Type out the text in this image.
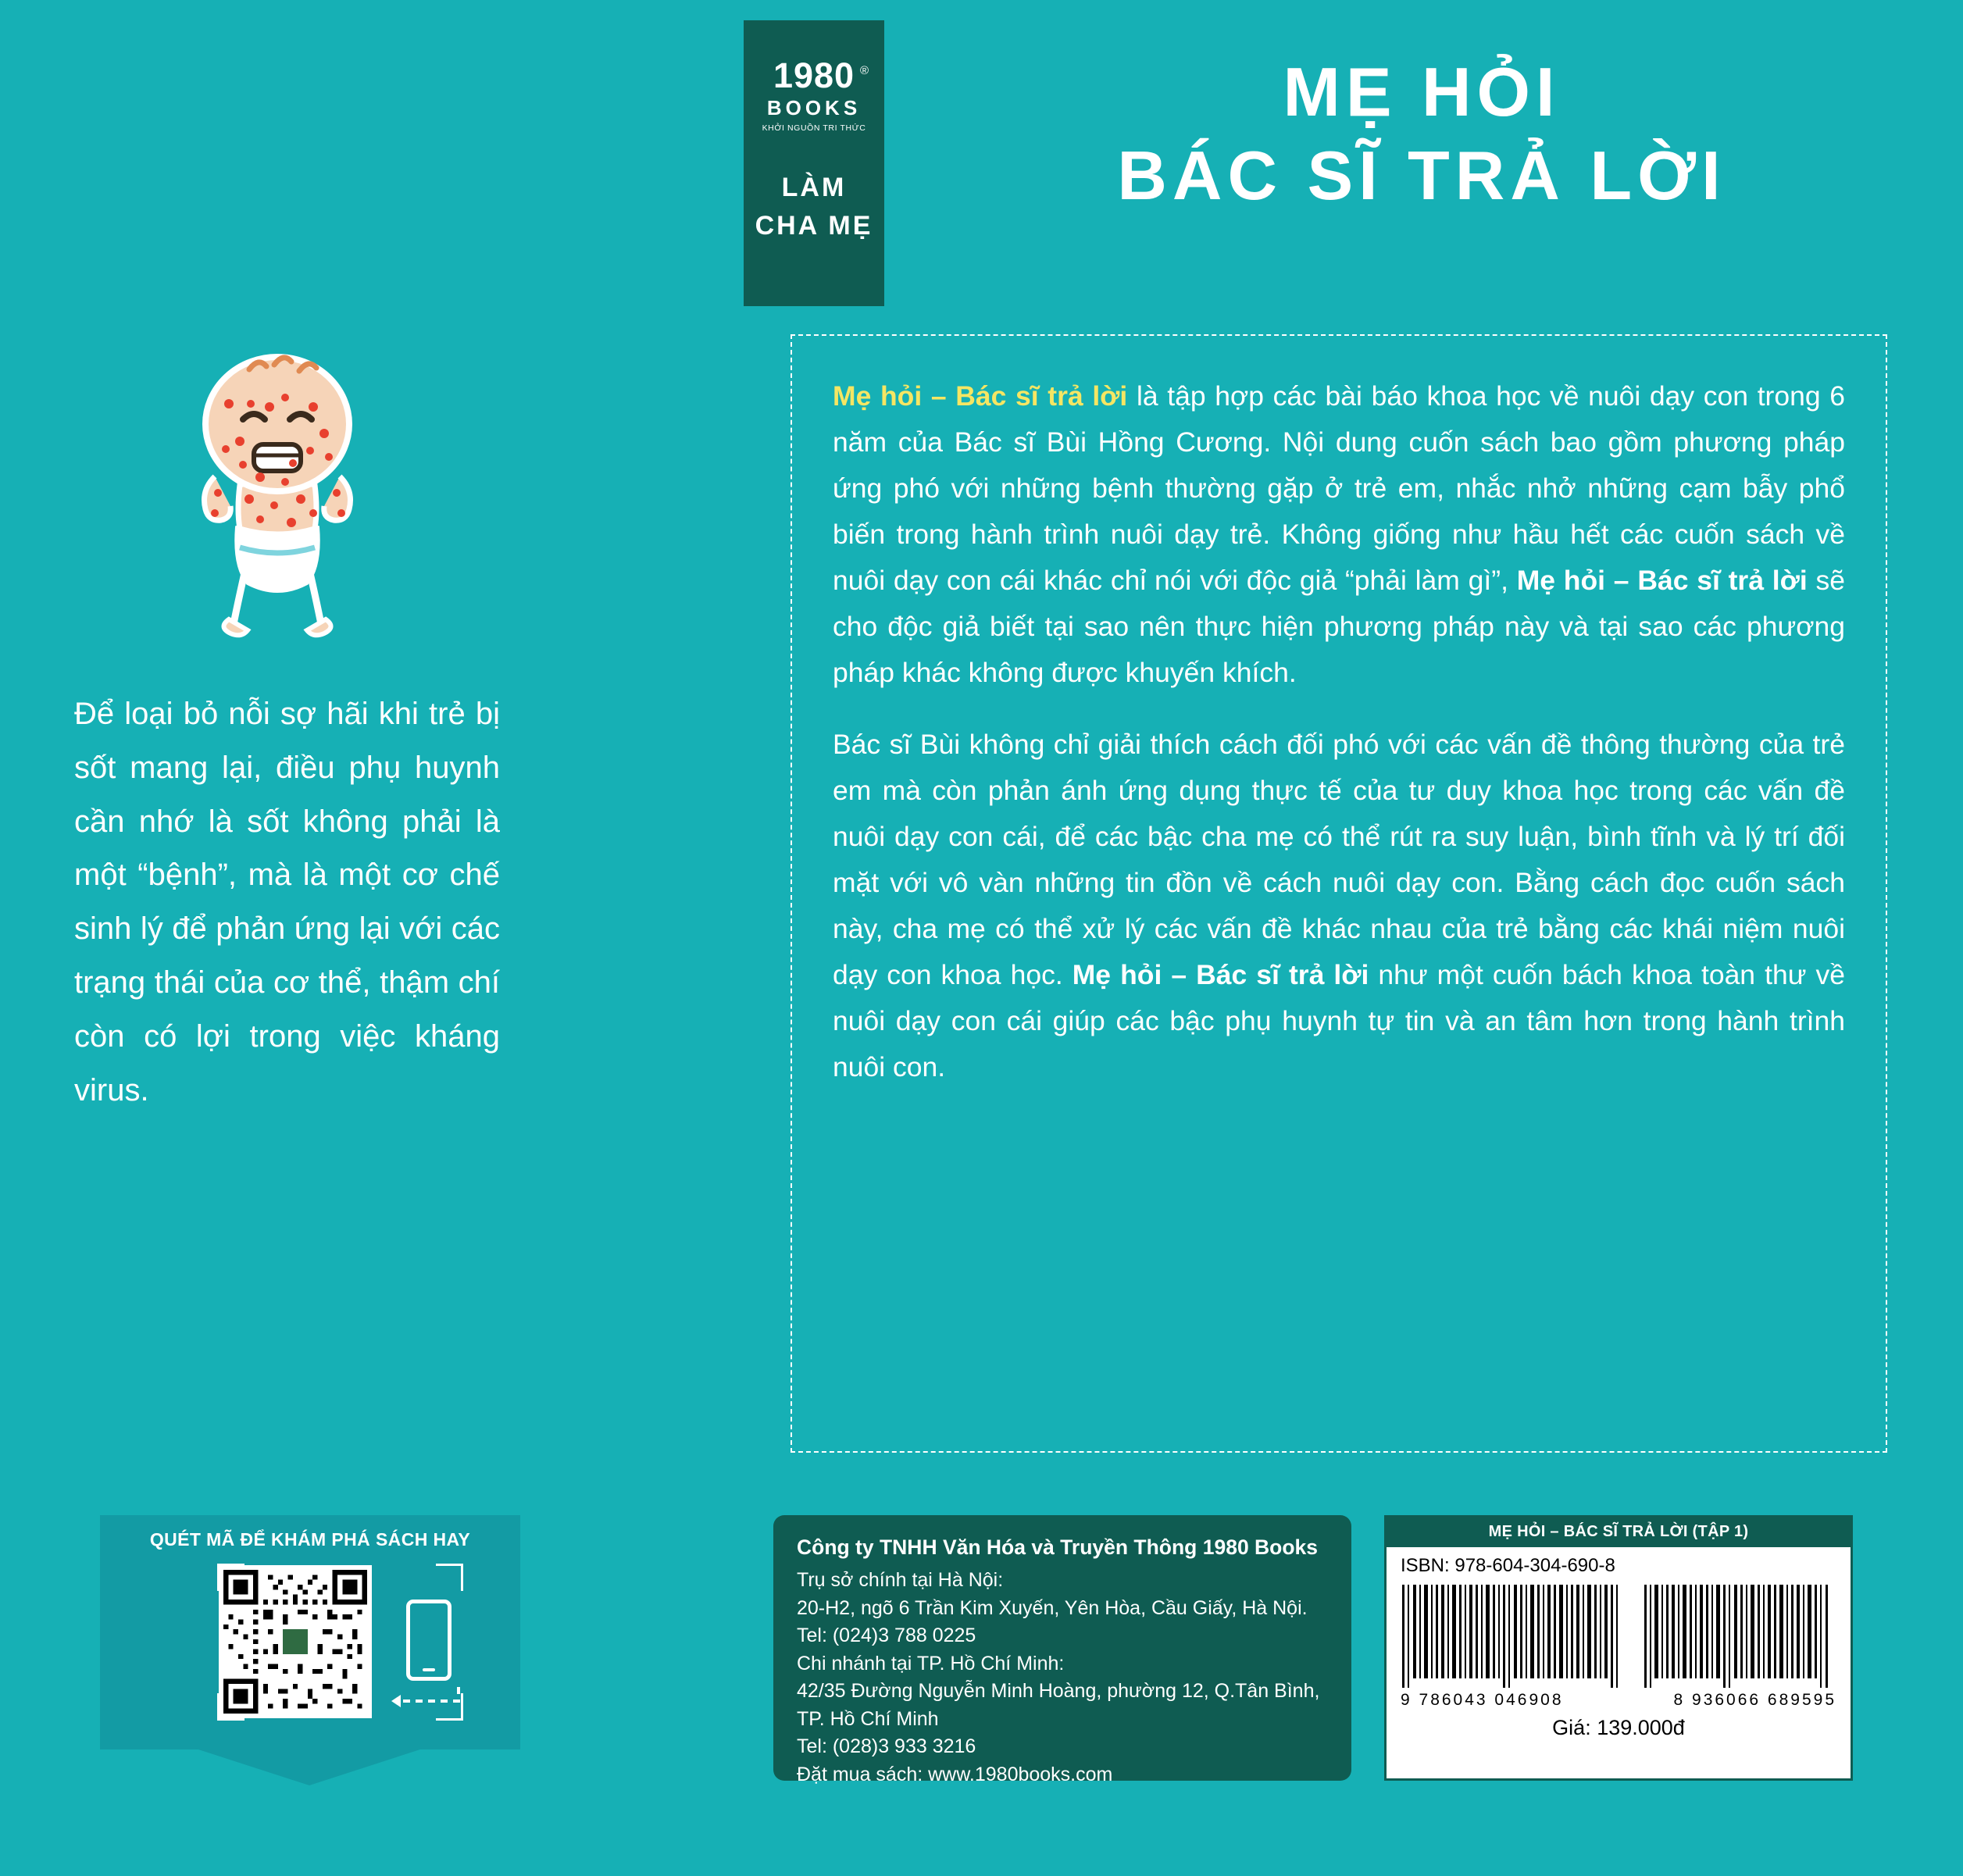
1980 ®
BOOKS
KHỞI NGUỒN TRI THỨC
LÀM
CHA MẸ
MẸ HỎI
BÁC SĨ TRẢ LỜI
Để loại bỏ nỗi sợ hãi khi trẻ bị sốt mang lại, điều phụ huynh cần nhớ là sốt không phải là một “bệnh”, mà là một cơ chế sinh lý để phản ứng lại với các trạng thái của cơ thể, thậm chí còn có lợi trong việc kháng virus.

Mẹ hỏi – Bác sĩ trả lời là tập hợp các bài báo khoa học về nuôi dạy con trong 6 năm của Bác sĩ Bùi Hồng Cương. Nội dung cuốn sách bao gồm phương pháp ứng phó với những bệnh thường gặp ở trẻ em, nhắc nhở những cạm bẫy phổ biến trong hành trình nuôi dạy trẻ. Không giống như hầu hết các cuốn sách về nuôi dạy con cái khác chỉ nói với độc giả “phải làm gì”, Mẹ hỏi – Bác sĩ trả lời sẽ cho độc giả biết tại sao nên thực hiện phương pháp này và tại sao các phương pháp khác không được khuyến khích.

Bác sĩ Bùi không chỉ giải thích cách đối phó với các vấn đề thông thường của trẻ em mà còn phản ánh ứng dụng thực tế của tư duy khoa học trong các vấn đề nuôi dạy con cái, để các bậc cha mẹ có thể rút ra suy luận, bình tĩnh và lý trí đối mặt với vô vàn những tin đồn về cách nuôi dạy con. Bằng cách đọc cuốn sách này, cha mẹ có thể xử lý các vấn đề khác nhau của trẻ bằng các khái niệm nuôi dạy con khoa học. Mẹ hỏi – Bác sĩ trả lời như một cuốn bách khoa toàn thư về nuôi dạy con cái giúp các bậc phụ huynh tự tin và an tâm hơn trong hành trình nuôi con.

QUÉT MÃ ĐỂ KHÁM PHÁ SÁCH HAY	Công ty TNHH Văn Hóa và Truyền Thông 1980 Books
Trụ sở chính tại Hà Nội:
20-H2, ngõ 6 Trần Kim Xuyến, Yên Hòa, Cầu Giấy, Hà Nội.
Tel: (024)3 788 0225
Chi nhánh tại TP. Hồ Chí Minh:
42/35 Đường Nguyễn Minh Hoàng, phường 12, Q.Tân Bình,
TP. Hồ Chí Minh
Tel: (028)3 933 3216
Đặt mua sách: www.1980books.com
MẸ HỎI – BÁC SĨ TRẢ LỜI (TẬP 1)
ISBN: 978-604-304-690-8
9 786043 046908	8 936066 689595
Giá: 139.000đ
